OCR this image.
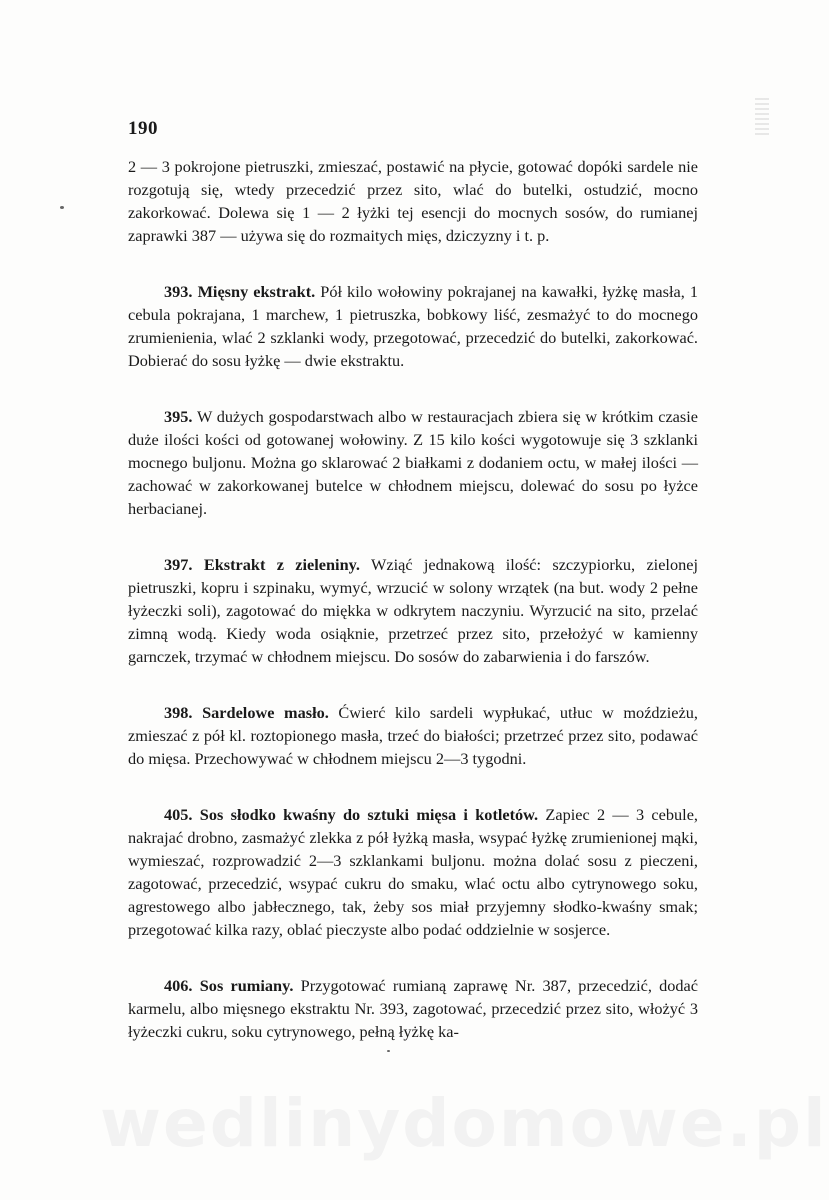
190

2 — 3 pokrojone pietruszki, zmieszać, postawić na płycie, gotować dopóki sardele nie rozgotują się, wtedy przecedzić przez sito, wlać do butelki, ostudzić, mocno zakorkować. Dolewa się 1 — 2 łyżki tej esencji do mocnych sosów, do rumianej zaprawki 387 — używa się do rozmaitych mięs, dziczyzny i t. p.

393. Mięsny ekstrakt. Pół kilo wołowiny pokrajanej na kawałki, łyżkę masła, 1 cebula pokrajana, 1 marchew, 1 pietruszka, bobkowy liść, zesmażyć to do mocnego zrumienienia, wlać 2 szklanki wody, przegotować, przecedzić do butelki, zakorkować. Dobierać do sosu łyżkę — dwie ekstraktu.

395. W dużych gospodarstwach albo w restauracjach zbiera się w krótkim czasie duże ilości kości od gotowanej wołowiny. Z 15 kilo kości wygotowuje się 3 szklanki mocnego buljonu. Można go sklarować 2 białkami z dodaniem octu, w małej ilości — zachować w zakorkowanej butelce w chłodnem miejscu, dolewać do sosu po łyżce herbacianej.

397. Ekstrakt z zieleniny. Wziąć jednakową ilość: szczypiorku, zielonej pietruszki, kopru i szpinaku, wymyć, wrzucić w solony wrzątek (na but. wody 2 pełne łyżeczki soli), zagotować do miękka w odkrytem naczyniu. Wyrzucić na sito, przelać zimną wodą. Kiedy woda osiąknie, przetrzeć przez sito, przełożyć w kamienny garnczek, trzymać w chłodnem miejscu. Do sosów do zabarwienia i do farszów.

398. Sardelowe masło. Ćwierć kilo sardeli wypłukać, utłuc w moździeżu, zmieszać z pół kl. roztopionego masła, trzeć do białości; przetrzeć przez sito, podawać do mięsa. Przechowywać w chłodnem miejscu 2—3 tygodni.

405. Sos słodko kwaśny do sztuki mięsa i kotletów. Zapiec 2 — 3 cebule, nakrajać drobno, zasmażyć zlekka z pół łyżką masła, wsypać łyżkę zrumienionej mąki, wymieszać, rozprowadzić 2—3 szklankami buljonu. można dolać sosu z pieczeni, zagotować, przecedzić, wsypać cukru do smaku, wlać octu albo cytrynowego soku, agrestowego albo jabłecznego, tak, żeby sos miał przyjemny słodko-kwaśny smak; przegotować kilka razy, oblać pieczyste albo podać oddzielnie w sosjerce.

406. Sos rumiany. Przygotować rumianą zaprawę Nr. 387, przecedzić, dodać karmelu, albo mięsnego ekstraktu Nr. 393, zagotować, przecedzić przez sito, włożyć 3 łyżeczki cukru, soku cytrynowego, pełną łyżkę ka-

wedlinydomowe.pl
